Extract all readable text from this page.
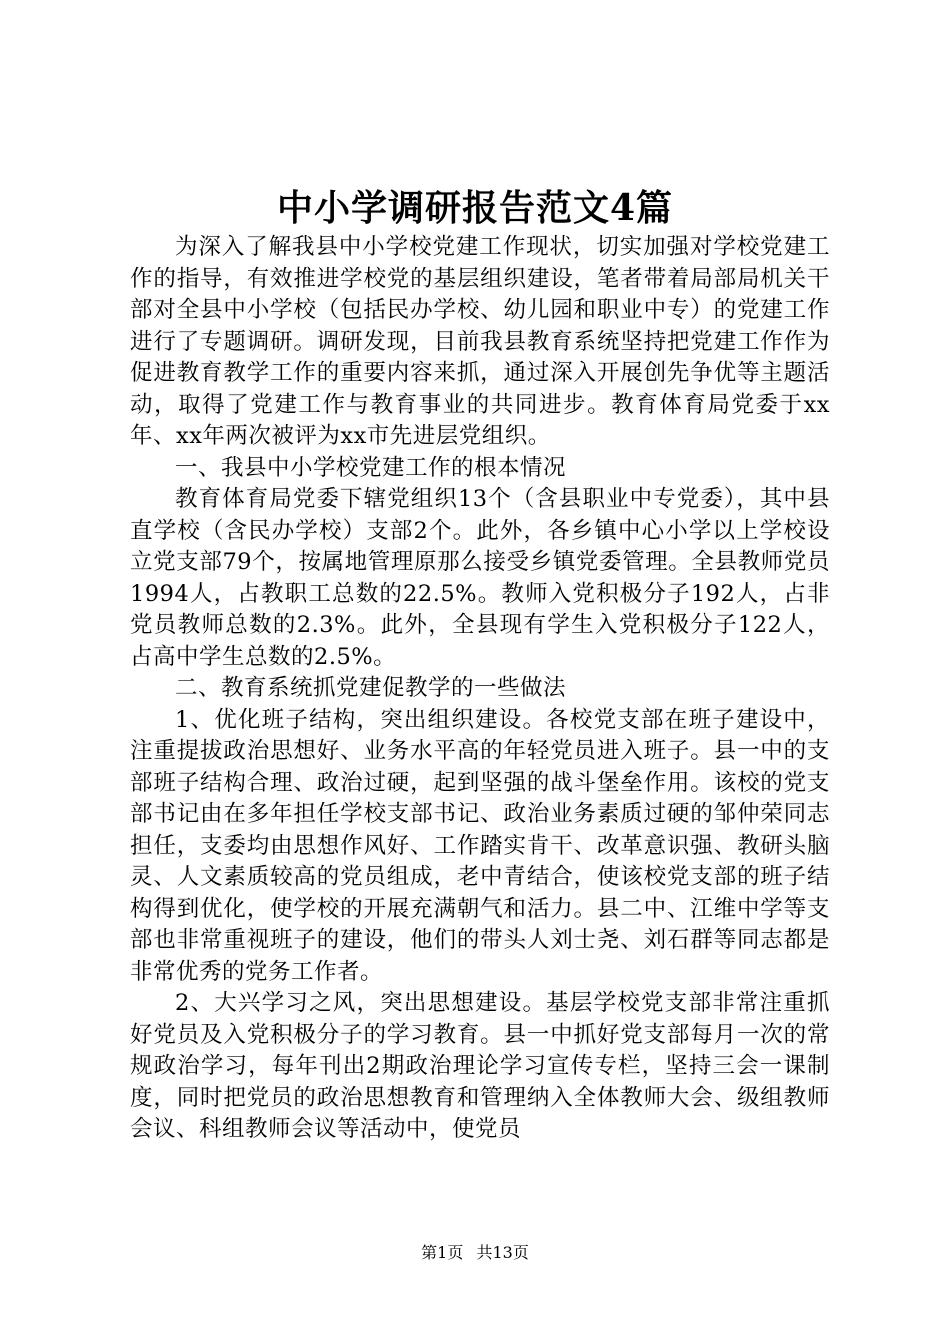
中小学调研报告范文4篇

为深入了解我县中小学校党建工作现状，切实加强对学校党建工作的指导，有效推进学校党的基层组织建设，笔者带着局部局机关干部对全县中小学校（包括民办学校、幼儿园和职业中专）的党建工作进行了专题调研。调研发现，目前我县教育系统坚持把党建工作作为促进教育教学工作的重要内容来抓，通过深入开展创先争优等主题活动，取得了党建工作与教育事业的共同进步。教育体育局党委于xx年、xx年两次被评为xx市先进层党组织。

一、我县中小学校党建工作的根本情况

教育体育局党委下辖党组织13个（含县职业中专党委），其中县直学校（含民办学校）支部2个。此外，各乡镇中心小学以上学校设立党支部79个，按属地管理原那么接受乡镇党委管理。全县教师党员1994人，占教职工总数的22.5%。教师入党积极分子192人，占非党员教师总数的2.3%。此外，全县现有学生入党积极分子122人，占高中学生总数的2.5%。

二、教育系统抓党建促教学的一些做法

1、优化班子结构，突出组织建设。各校党支部在班子建设中，注重提拔政治思想好、业务水平高的年轻党员进入班子。县一中的支部班子结构合理、政治过硬，起到坚强的战斗堡垒作用。该校的党支部书记由在多年担任学校支部书记、政治业务素质过硬的邹仲荣同志担任，支委均由思想作风好、工作踏实肯干、改革意识强、教研头脑灵、人文素质较高的党员组成，老中青结合，使该校党支部的班子结构得到优化，使学校的开展充满朝气和活力。县二中、江维中学等支部也非常重视班子的建设，他们的带头人刘士尧、刘石群等同志都是非常优秀的党务工作者。

2、大兴学习之风，突出思想建设。基层学校党支部非常注重抓好党员及入党积极分子的学习教育。县一中抓好党支部每月一次的常规政治学习，每年刊出2期政治理论学习宣传专栏，坚持三会一课制度，同时把党员的政治思想教育和管理纳入全体教师大会、级组教师会议、科组教师会议等活动中，使党员

第1页 共13页
